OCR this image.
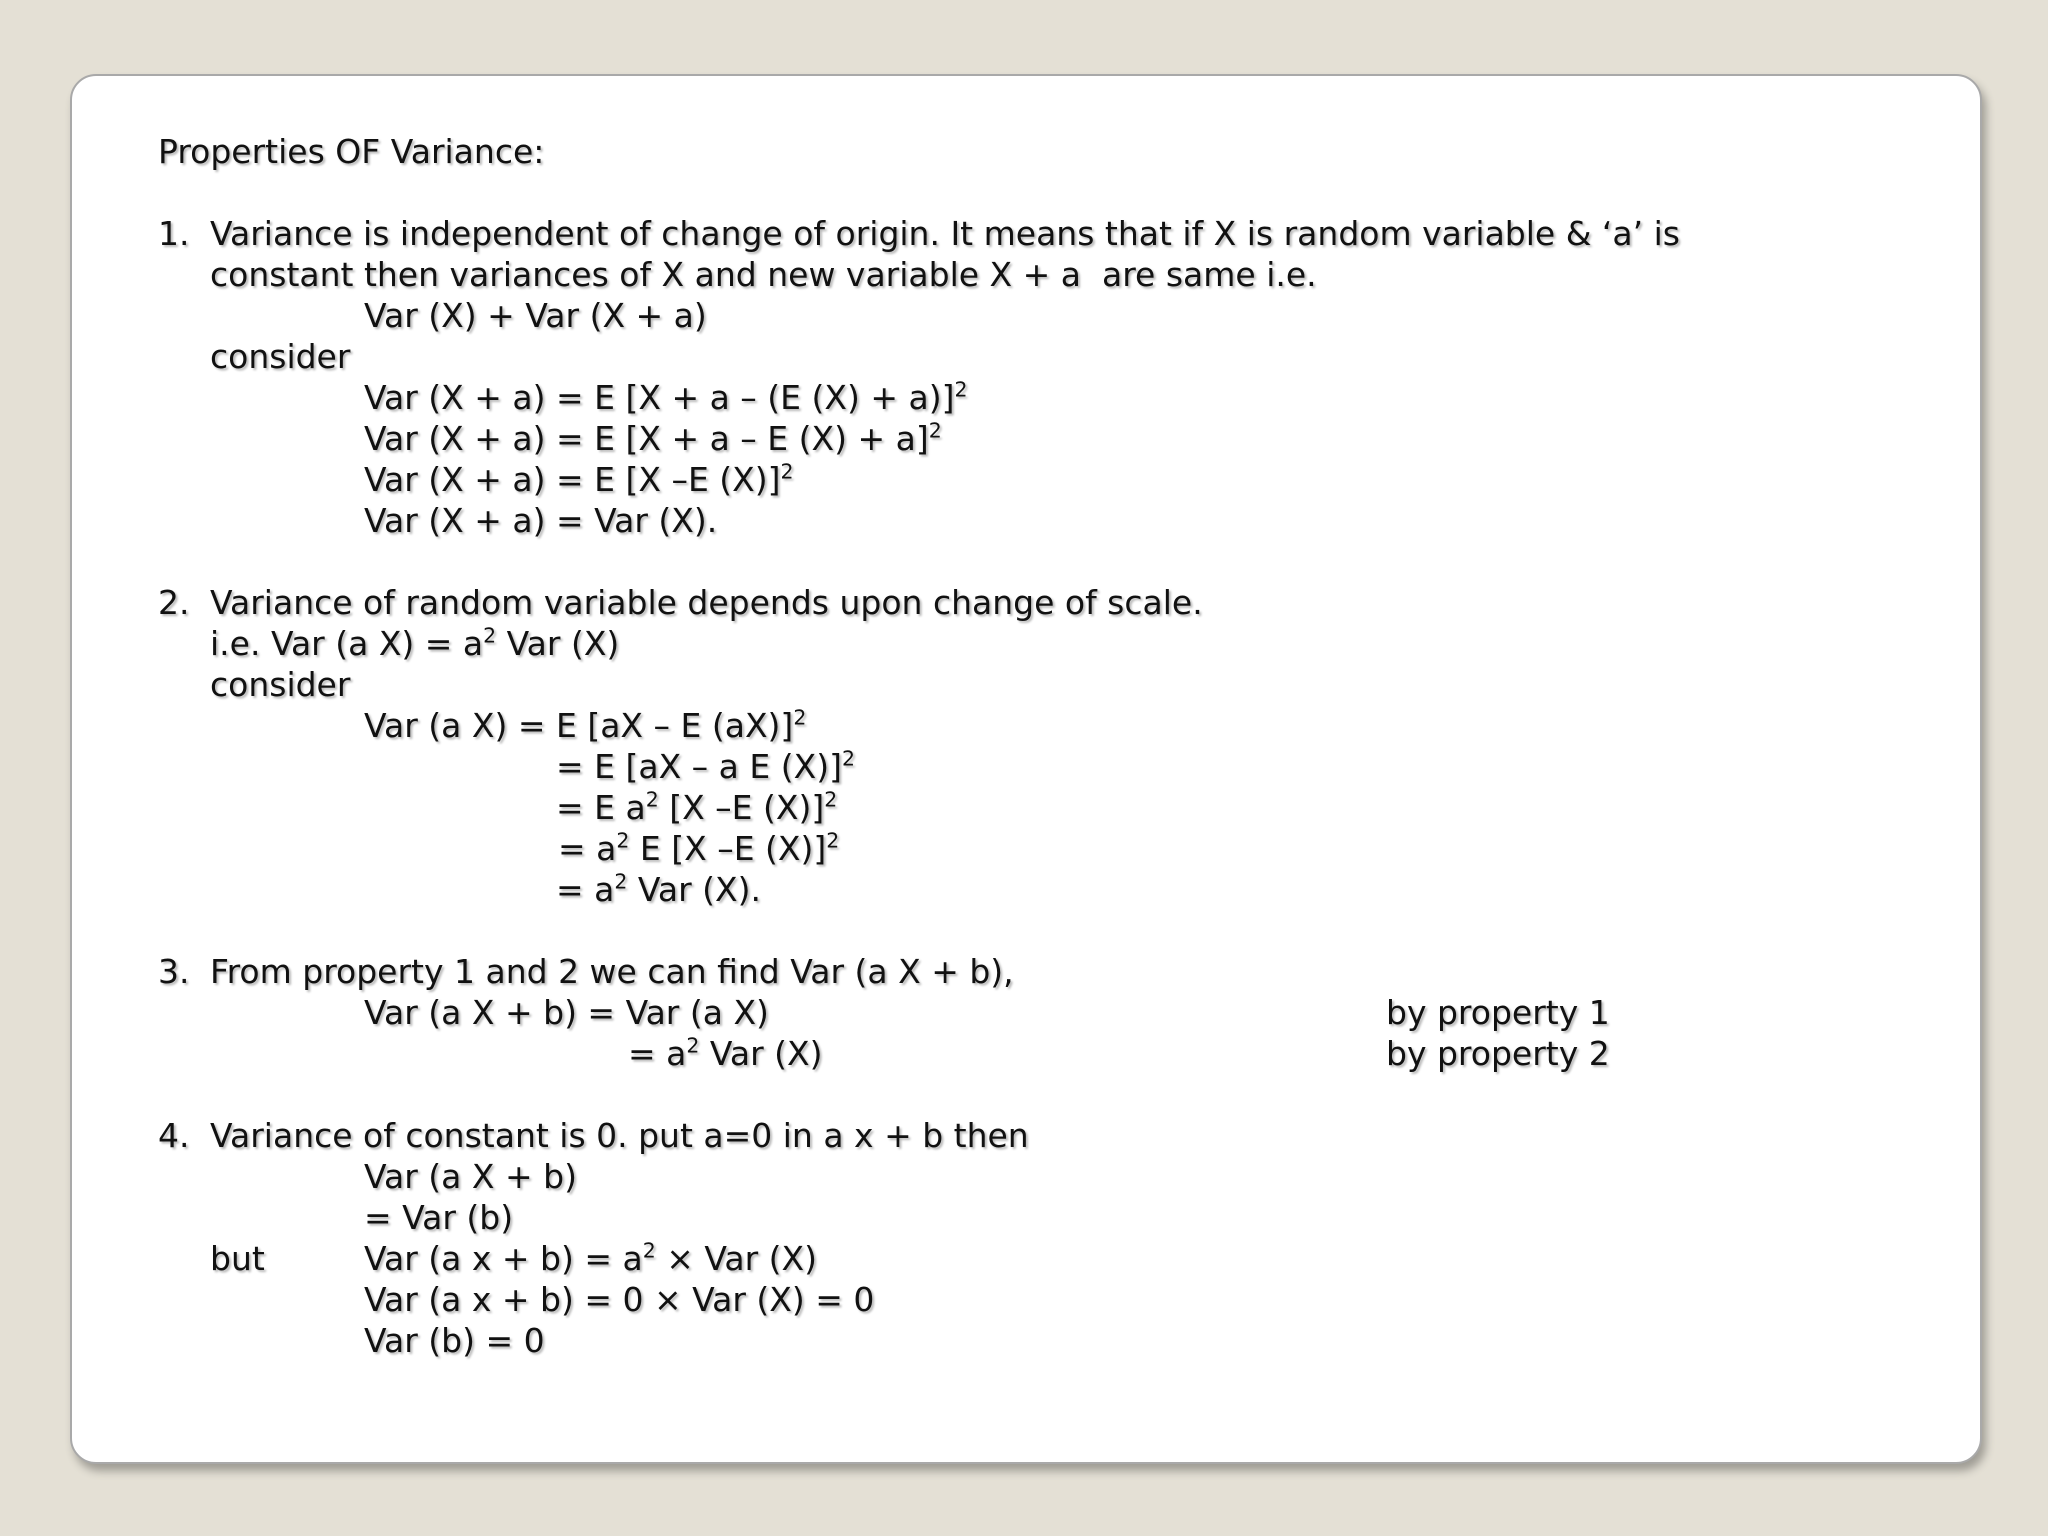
Properties OF Variance:
1. Variance is independent of change of origin. It means that if X is random variable & ‘a’ is
constant then variances of X and new variable X + a  are same i.e.
Var (X) + Var (X + a)
consider
Var (X + a) = E [X + a – (E (X) + a)]$^2$
Var (X + a) = E [X + a – E (X) + a]$^2$
Var (X + a) = E [X –E (X)]$^2$
Var (X + a) = Var (X).
2. Variance of random variable depends upon change of scale.
i.e. Var (a $X) = a^2$ Var (X)
consider
Var (a X) = E [aX – E (aX)]$^2$
= E [aX – a E (X)]$^2$
= E $a^2$ [X –E (X)]$^2$
= $a^2$ E [X –E (X)]$^2$
= $a^2$ Var (X).
3. From property 1 and 2 we can find Var (a X + b),
Var (a X + b) = Var (a X)	by property 1
= $a^2$ Var (X)	by property 2
4. Variance of constant is 0. put a=0 in a x + b then
Var (a X + b)
= Var (b)
but	Var (a $x + b) = a^2$ × Var (X)
Var (a x + b) = 0 × Var (X) = 0
Var (b) = 0
